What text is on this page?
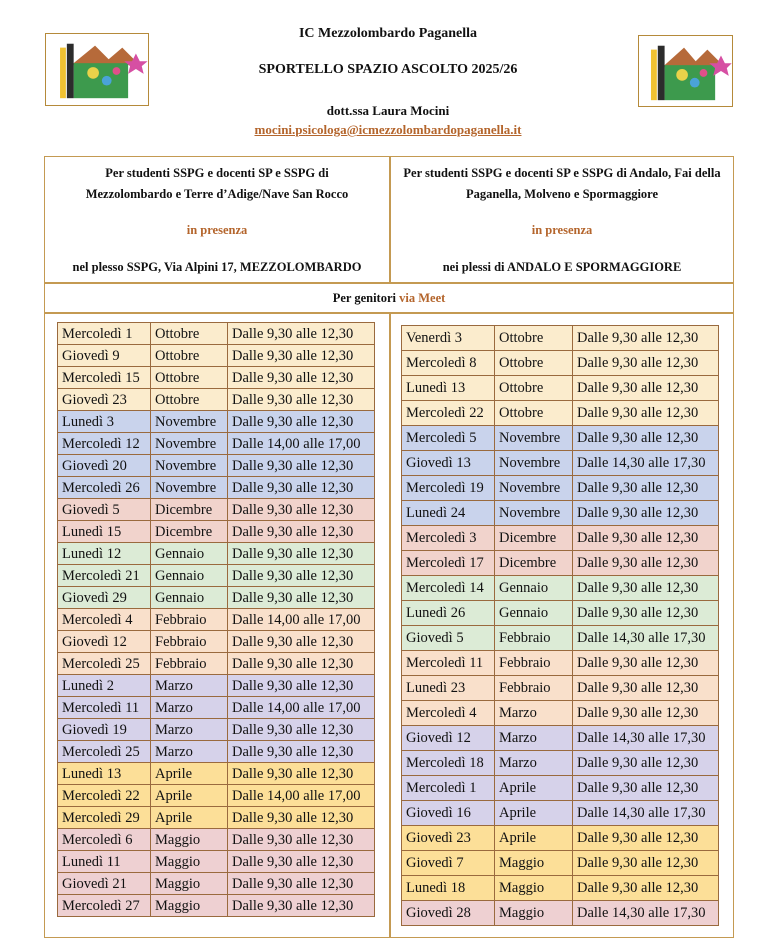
IC Mezzolombardo Paganella
SPORTELLO SPAZIO ASCOLTO 2025/26
dott.ssa Laura Mocini
mocini.psicologa@icmezzolombardopaganella.it
Per studenti SSPG e docenti SP e SSPG di Mezzolombardo e Terre d’Adige/Nave San Rocco
in presenza
nel plesso SSPG, Via Alpini 17, MEZZOLOMBARDO
Per studenti SSPG e docenti SP e SSPG di Andalo, Fai della Paganella, Molveno e Spormaggiore
in presenza
nei plessi di ANDALO E SPORMAGGIORE
Per genitori via Meet
Mercoledì 1	Ottobre	Dalle 9,30 alle 12,30
Giovedì 9	Ottobre	Dalle 9,30 alle 12,30
Mercoledì 15	Ottobre	Dalle 9,30 alle 12,30
Giovedì 23	Ottobre	Dalle 9,30 alle 12,30
Lunedì 3	Novembre	Dalle 9,30 alle 12,30
Mercoledì 12	Novembre	Dalle 14,00 alle 17,00
Giovedì 20	Novembre	Dalle 9,30 alle 12,30
Mercoledì 26	Novembre	Dalle 9,30 alle 12,30
Giovedì 5	Dicembre	Dalle 9,30 alle 12,30
Lunedì 15	Dicembre	Dalle 9,30 alle 12,30
Lunedì 12	Gennaio	Dalle 9,30 alle 12,30
Mercoledì 21	Gennaio	Dalle 9,30 alle 12,30
Giovedì 29	Gennaio	Dalle 9,30 alle 12,30
Mercoledì 4	Febbraio	Dalle 14,00 alle 17,00
Giovedì 12	Febbraio	Dalle 9,30 alle 12,30
Mercoledì 25	Febbraio	Dalle 9,30 alle 12,30
Lunedì 2	Marzo	Dalle 9,30 alle 12,30
Mercoledì 11	Marzo	Dalle 14,00 alle 17,00
Giovedì 19	Marzo	Dalle 9,30 alle 12,30
Mercoledì 25	Marzo	Dalle 9,30 alle 12,30
Lunedì 13	Aprile	Dalle 9,30 alle 12,30
Mercoledì 22	Aprile	Dalle 14,00 alle 17,00
Mercoledì 29	Aprile	Dalle 9,30 alle 12,30
Mercoledì 6	Maggio	Dalle 9,30 alle 12,30
Lunedì 11	Maggio	Dalle 9,30 alle 12,30
Giovedì 21	Maggio	Dalle 9,30 alle 12,30
Mercoledì 27	Maggio	Dalle 9,30 alle 12,30
Venerdì 3	Ottobre	Dalle 9,30 alle 12,30
Mercoledì 8	Ottobre	Dalle 9,30 alle 12,30
Lunedì 13	Ottobre	Dalle 9,30 alle 12,30
Mercoledì 22	Ottobre	Dalle 9,30 alle 12,30
Mercoledì 5	Novembre	Dalle 9,30 alle 12,30
Giovedì 13	Novembre	Dalle 14,30 alle 17,30
Mercoledì 19	Novembre	Dalle 9,30 alle 12,30
Lunedì 24	Novembre	Dalle 9,30 alle 12,30
Mercoledì 3	Dicembre	Dalle 9,30 alle 12,30
Mercoledì 17	Dicembre	Dalle 9,30 alle 12,30
Mercoledì 14	Gennaio	Dalle 9,30 alle 12,30
Lunedì 26	Gennaio	Dalle 9,30 alle 12,30
Giovedì 5	Febbraio	Dalle 14,30 alle 17,30
Mercoledì 11	Febbraio	Dalle 9,30 alle 12,30
Lunedì 23	Febbraio	Dalle 9,30 alle 12,30
Mercoledì 4	Marzo	Dalle 9,30 alle 12,30
Giovedì 12	Marzo	Dalle 14,30 alle 17,30
Mercoledì 18	Marzo	Dalle 9,30 alle 12,30
Mercoledì 1	Aprile	Dalle 9,30 alle 12,30
Giovedì 16	Aprile	Dalle 14,30 alle 17,30
Giovedì 23	Aprile	Dalle 9,30 alle 12,30
Giovedì 7	Maggio	Dalle 9,30 alle 12,30
Lunedì 18	Maggio	Dalle 9,30 alle 12,30
Giovedì 28	Maggio	Dalle 14,30 alle 17,30
